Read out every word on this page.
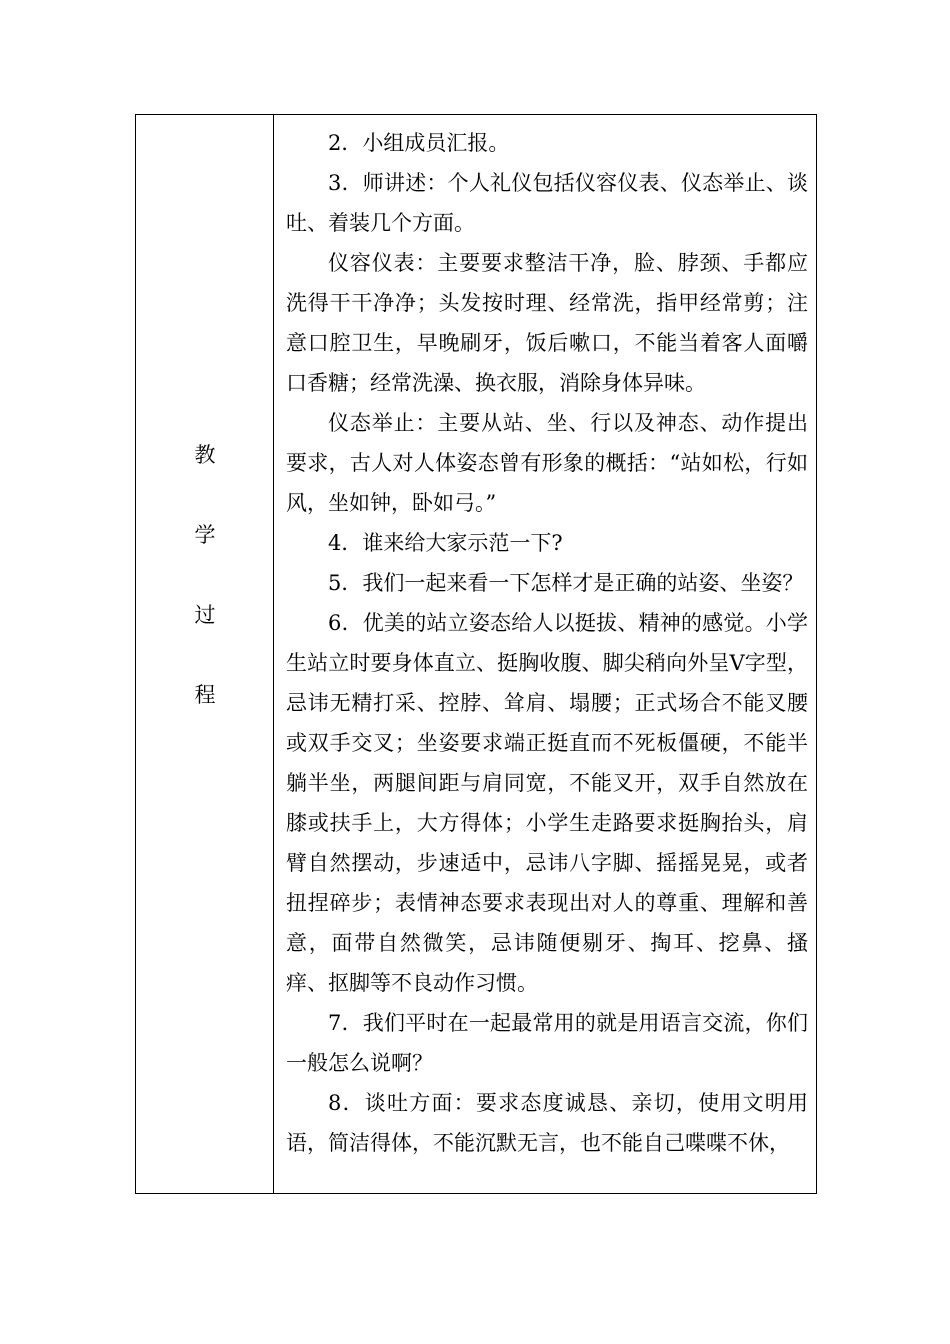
教
学
过
程

2．小组成员汇报。

3．师讲述：个人礼仪包括仪容仪表、仪态举止、谈吐、着装几个方面。

仪容仪表：主要要求整洁干净，脸、脖颈、手都应洗得干干净净；头发按时理、经常洗，指甲经常剪；注意口腔卫生，早晚刷牙，饭后嗽口，不能当着客人面嚼口香糖；经常洗澡、换衣服，消除身体异味。

仪态举止：主要从站、坐、行以及神态、动作提出要求，古人对人体姿态曾有形象的概括：“站如松，行如风，坐如钟，卧如弓。”

4．谁来给大家示范一下?

5．我们一起来看一下怎样才是正确的站姿、坐姿？

6．优美的站立姿态给人以挺拔、精神的感觉。小学生站立时要身体直立、挺胸收腹、脚尖稍向外呈V字型，忌讳无精打采、控脖、耸肩、塌腰；正式场合不能叉腰或双手交叉；坐姿要求端正挺直而不死板僵硬，不能半躺半坐，两腿间距与肩同宽，不能叉开，双手自然放在膝或扶手上，大方得体；小学生走路要求挺胸抬头，肩臂自然摆动，步速适中，忌讳八字脚、摇摇晃晃，或者扭捏碎步；表情神态要求表现出对人的尊重、理解和善意，面带自然微笑，忌讳随便剔牙、掏耳、挖鼻、搔痒、抠脚等不良动作习惯。

7．我们平时在一起最常用的就是用语言交流，你们一般怎么说啊？

8．谈吐方面：要求态度诚恳、亲切，使用文明用语，简洁得体，不能沉默无言，也不能自己喋喋不休，
